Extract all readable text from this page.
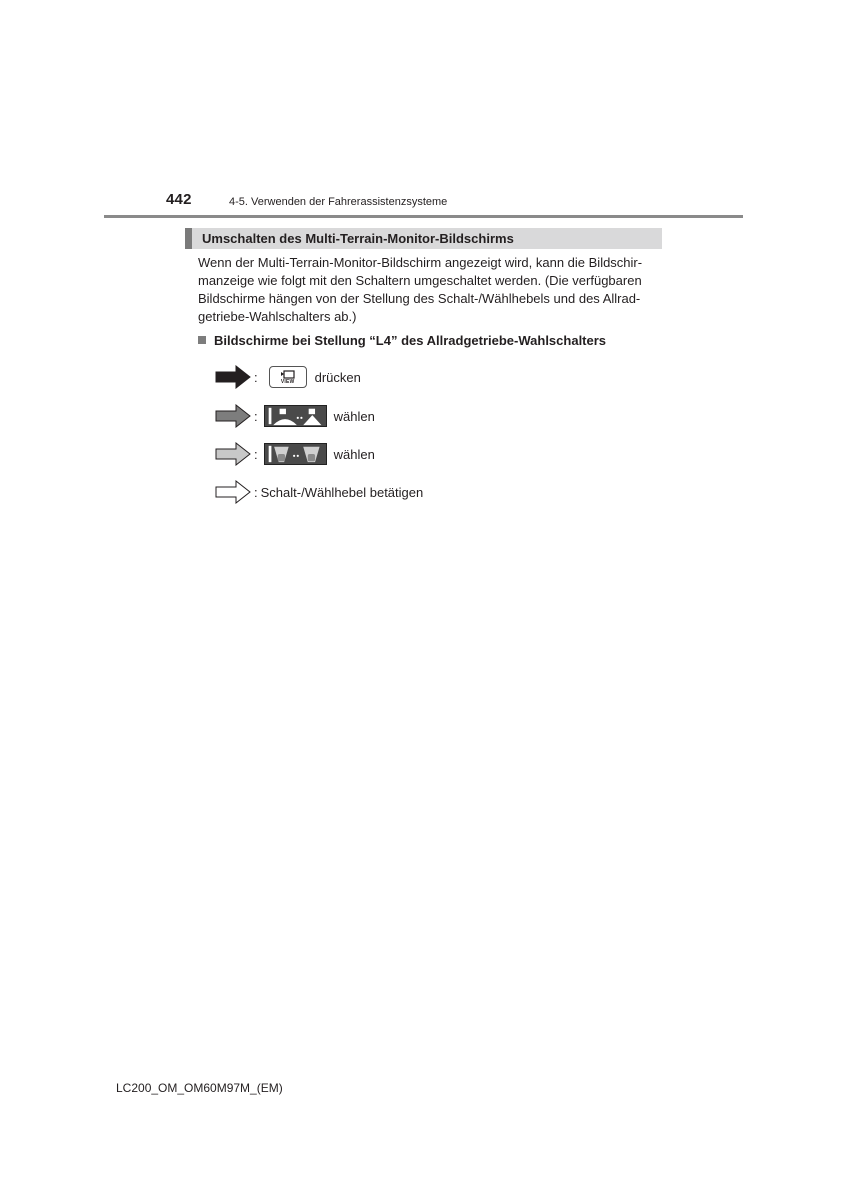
442	4-5. Verwenden der Fahrerassistenzsysteme
Umschalten des Multi-Terrain-Monitor-Bildschirms
Wenn der Multi-Terrain-Monitor-Bildschirm angezeigt wird, kann die Bildschir-
manzeige wie folgt mit den Schaltern umgeschaltet werden. (Die verfügbaren
Bildschirme hängen von der Stellung des Schalt-/Wählhebels und des Allrad-
getriebe-Wahlschalters ab.)
Bildschirme bei Stellung “L4” des Allradgetriebe-Wahlschalters
:	VIEW drücken
:	wählen
:	wählen
: Schalt-/Wählhebel betätigen
LC200_OM_OM60M97M_(EM)
